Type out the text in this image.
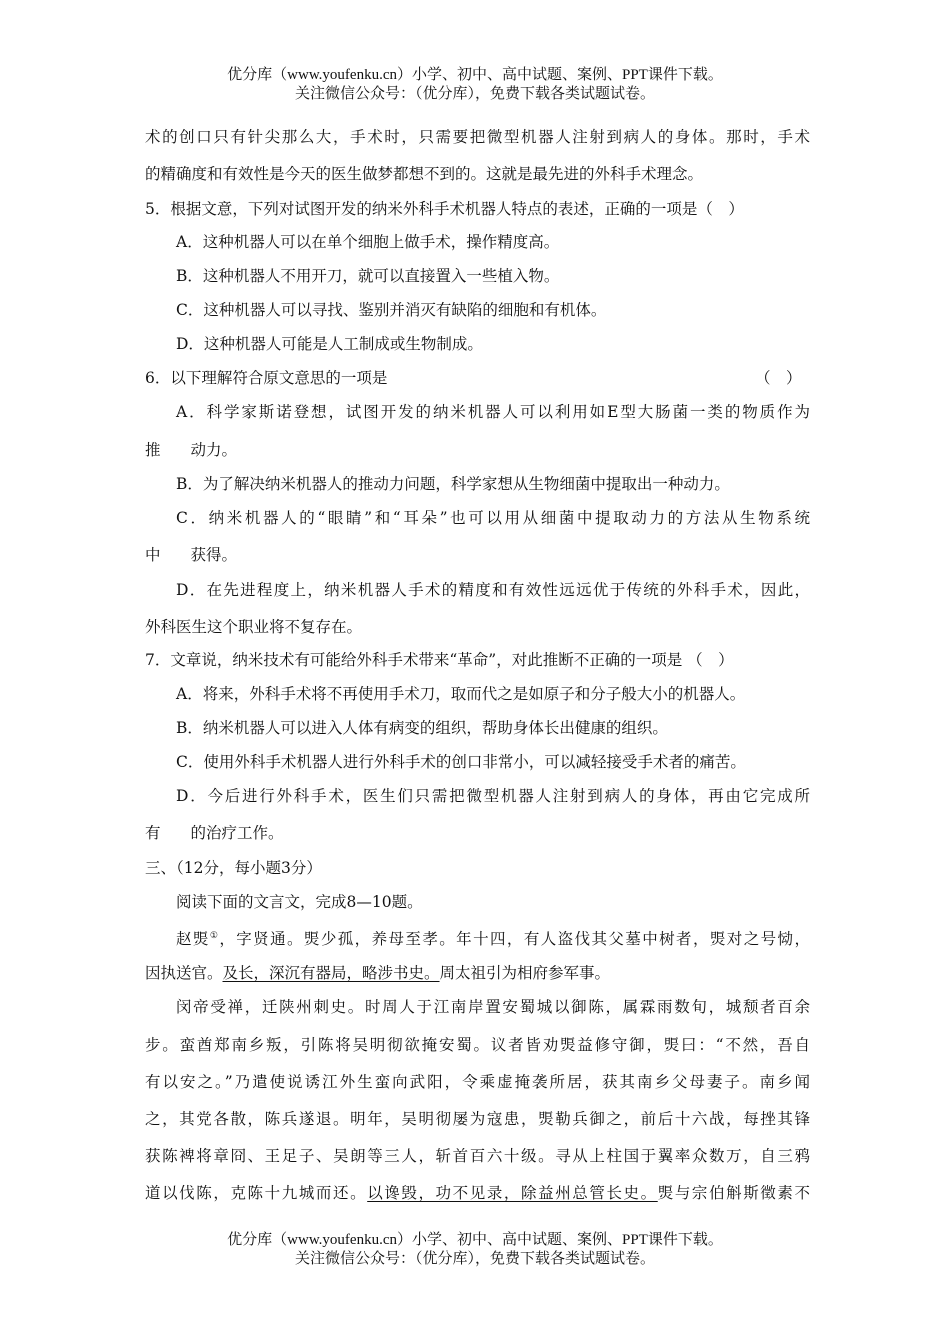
优分库（www.youfenku.cn）小学、初中、高中试题、案例、PPT课件下载。
关注微信公众号：（优分库），免费下载各类试题试卷。
术的创口只有针尖那么大，手术时，只需要把微型机器人注射到病人的身体。那时，手术
的精确度和有效性是今天的医生做梦都想不到的。这就是最先进的外科手术理念。
5．根据文意，下列对试图开发的纳米外科手术机器人特点的表述，正确的一项是（　）
A．这种机器人可以在单个细胞上做手术，操作精度高。
B．这种机器人不用开刀，就可以直接置入一些植入物。
C．这种机器人可以寻找、鉴别并消灭有缺陷的细胞和有机体。
D．这种机器人可能是人工制成或生物制成。
6．以下理解符合原文意思的一项是	（　）
A．科学家斯诺登想，试图开发的纳米机器人可以利用如E型大肠菌一类的物质作为
推 动力。
B．为了解决纳米机器人的推动力问题，科学家想从生物细菌中提取出一种动力。
C．纳米机器人的“眼睛”和“耳朵”也可以用从细菌中提取动力的方法从生物系统
中 获得。
D．在先进程度上，纳米机器人手术的精度和有效性远远优于传统的外科手术，因此，
外科医生这个职业将不复存在。
7．文章说，纳米技术有可能给外科手术带来“革命”，对此推断不正确的一项是 （　）
A．将来，外科手术将不再使用手术刀，取而代之是如原子和分子般大小的机器人。
B．纳米机器人可以进入人体有病变的组织，帮助身体长出健康的组织。
C．使用外科手术机器人进行外科手术的创口非常小，可以减轻接受手术者的痛苦。
D．今后进行外科手术，医生们只需把微型机器人注射到病人的身体，再由它完成所
有 的治疗工作。
三、（12分，每小题3分）
阅读下面的文言文，完成8—10题。
赵煚①，字贤通。煚少孤，养母至孝。年十四，有人盗伐其父墓中树者，煚对之号恸，
因执送官。及长，深沉有器局，略涉书史。周太祖引为相府参军事。
闵帝受禅，迁陕州刺史。时周人于江南岸置安蜀城以御陈，属霖雨数旬，城颓者百余
步。蛮酋郑南乡叛，引陈将吴明彻欲掩安蜀。议者皆劝煚益修守御，煚曰：“不然，吾自
有以安之。”乃遣使说诱江外生蛮向武阳，令乘虚掩袭所居，获其南乡父母妻子。南乡闻
之，其党各散，陈兵遂退。明年，吴明彻屡为寇患，煚勒兵御之，前后十六战，每挫其锋
获陈裨将章冏、王足子、吴朗等三人，斩首百六十级。寻从上柱国于翼率众数万，自三鸦
道以伐陈，克陈十九城而还。以谗毁，功不见录，除益州总管长史。煚与宗伯斛斯徵素不
优分库（www.youfenku.cn）小学、初中、高中试题、案例、PPT课件下载。
关注微信公众号：（优分库），免费下载各类试题试卷。
